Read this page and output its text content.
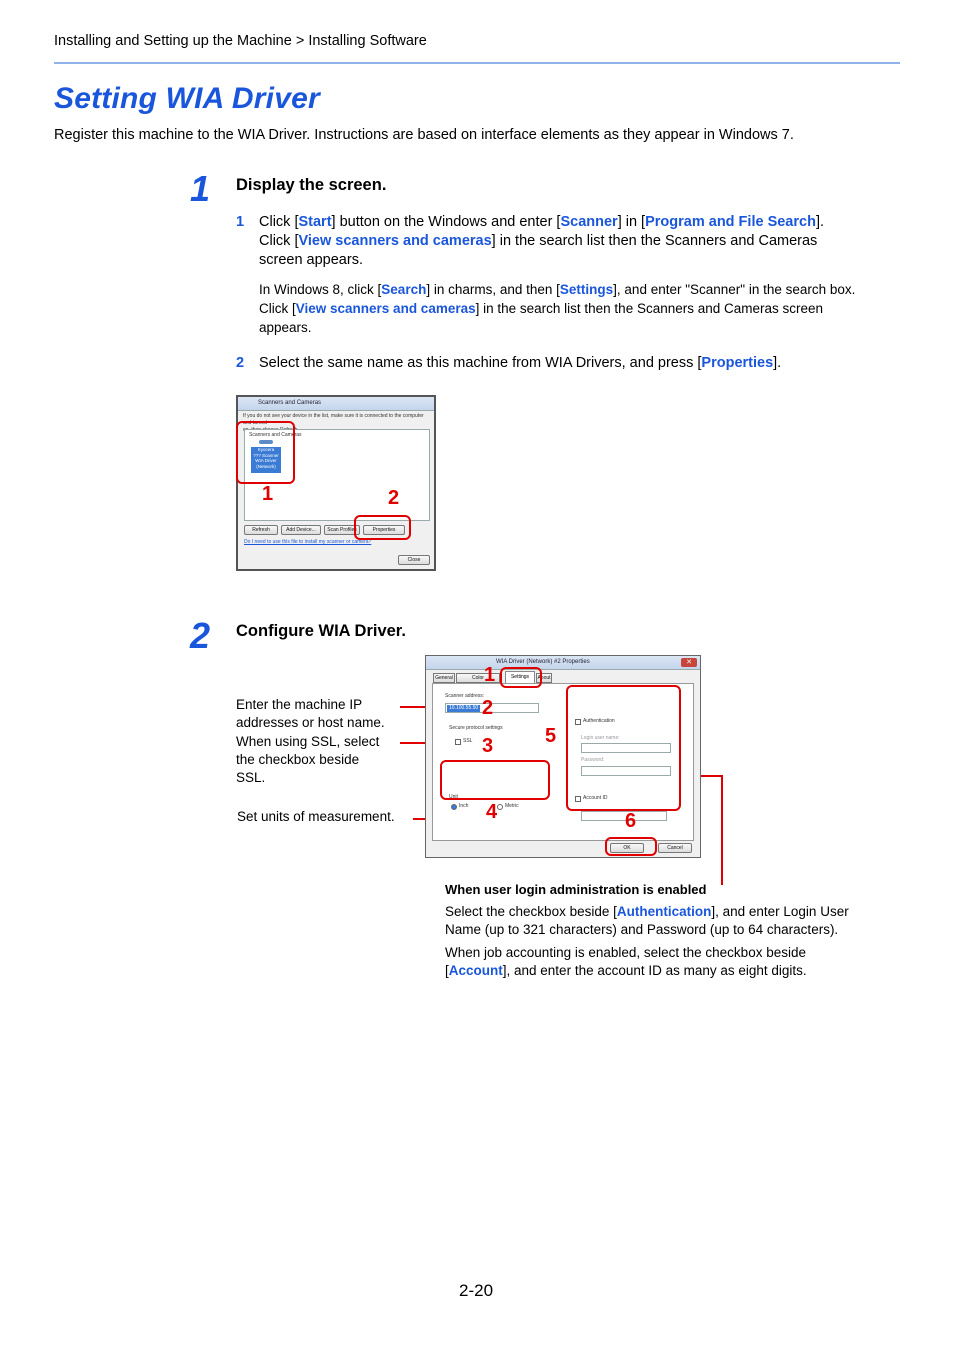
Installing and Setting up the Machine > Installing Software
Setting WIA Driver
Register this machine to the WIA Driver. Instructions are based on interface elements as they appear in Windows 7.
1 Display the screen.
1 Click [Start] button on the Windows and enter [Scanner] in [Program and File Search].
Click [View scanners and cameras] in the search list then the Scanners and Cameras
screen appears.
In Windows 8, click [Search] in charms, and then [Settings], and enter "Scanner" in the search box.
Click [View scanners and cameras] in the search list then the Scanners and Cameras screen
appears.
2 Select the same name as this machine from WIA Drivers, and press [Properties].
Scanners and Cameras
If you do not see your device in the list, make sure it is connected to the computer and turned
Scanners and Cameras
Kyocera
??? Scanner
WIA Driver
(Network)
Refresh	Add Device...	Scan Profiles	Properties
Do I need to use this file to install my scanner or camera?
Close
1	2
2 Configure WIA Driver.
Enter the machine IP
addresses or host name.
When using SSL, select
the checkbox beside
SSL.
Set units of measurement.
WIA Driver (Network) #2 Properties	✕
General	Color	Settings	About
Scanner address:
10.100.55.50
Secure protocol settings
SSL
Unit
Inch	Metric
Authentication
Login user name:
Password:
Account ID
OK	Cancel
1
2
3
4
5
6
When user login administration is enabled
Select the checkbox beside [Authentication], and enter Login User
Name (up to 321 characters) and Password (up to 64 characters).
When job accounting is enabled, select the checkbox beside
[Account], and enter the account ID as many as eight digits.
2-20
